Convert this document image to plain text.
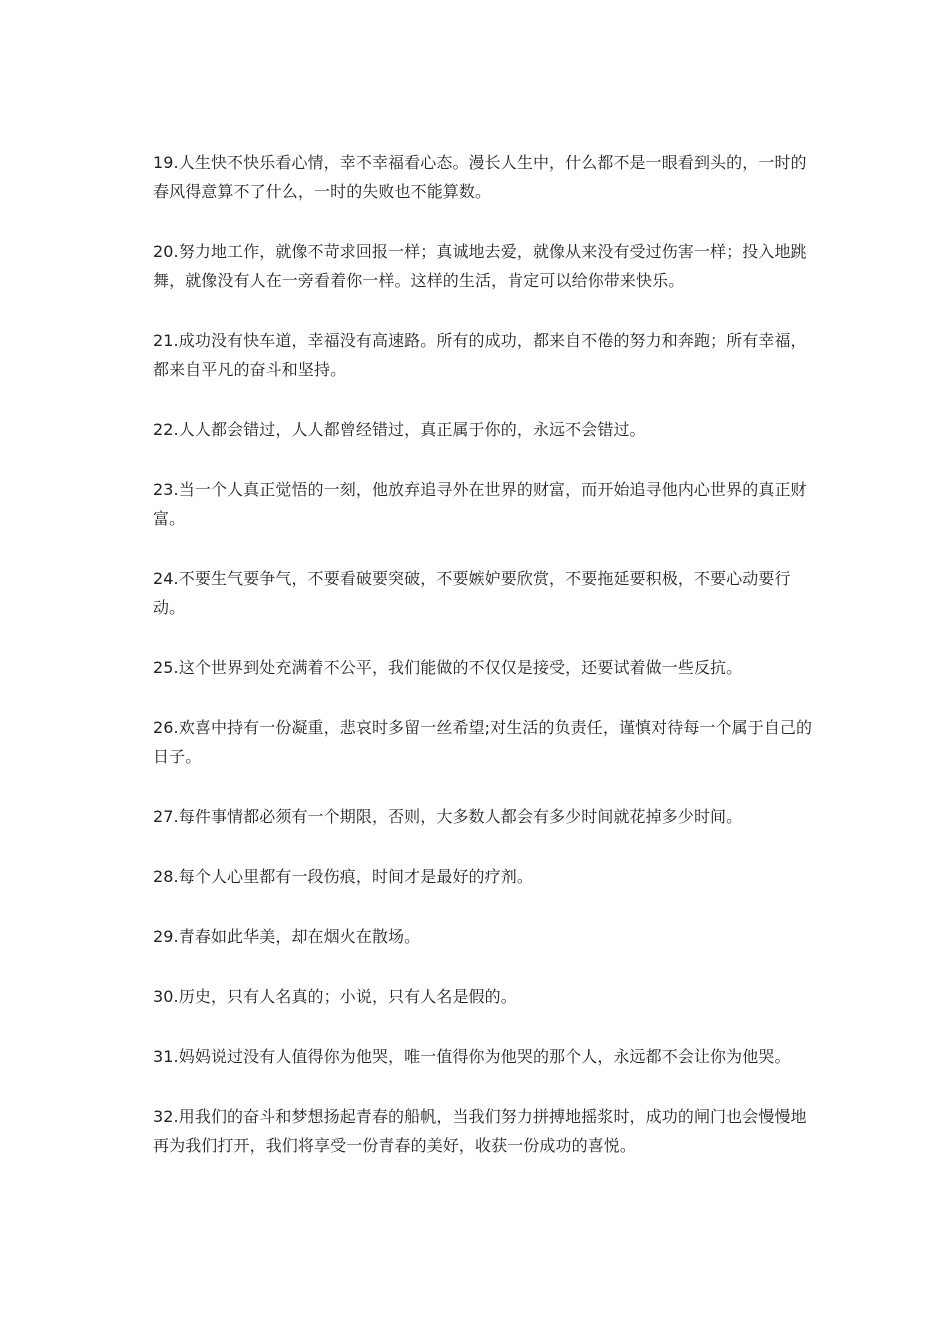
19.人生快不快乐看心情，幸不幸福看心态。漫长人生中，什么都不是一眼看到头的，一时的春风得意算不了什么，一时的失败也不能算数。

20.努力地工作，就像不苛求回报一样；真诚地去爱，就像从来没有受过伤害一样；投入地跳舞，就像没有人在一旁看着你一样。这样的生活，肯定可以给你带来快乐。

21.成功没有快车道，幸福没有高速路。所有的成功，都来自不倦的努力和奔跑；所有幸福，都来自平凡的奋斗和坚持。

22.人人都会错过，人人都曾经错过，真正属于你的，永远不会错过。

23.当一个人真正觉悟的一刻，他放弃追寻外在世界的财富，而开始追寻他内心世界的真正财富。

24.不要生气要争气，不要看破要突破，不要嫉妒要欣赏，不要拖延要积极，不要心动要行动。

25.这个世界到处充满着不公平，我们能做的不仅仅是接受，还要试着做一些反抗。

26.欢喜中持有一份凝重，悲哀时多留一丝希望;对生活的负责任，谨慎对待每一个属于自己的日子。

27.每件事情都必须有一个期限，否则，大多数人都会有多少时间就花掉多少时间。

28.每个人心里都有一段伤痕，时间才是最好的疗剂。

29.青春如此华美，却在烟火在散场。

30.历史，只有人名真的；小说，只有人名是假的。

31.妈妈说过没有人值得你为他哭，唯一值得你为他哭的那个人，永远都不会让你为他哭。

32.用我们的奋斗和梦想扬起青春的船帆，当我们努力拼搏地摇浆时，成功的闸门也会慢慢地再为我们打开，我们将享受一份青春的美好，收获一份成功的喜悦。
